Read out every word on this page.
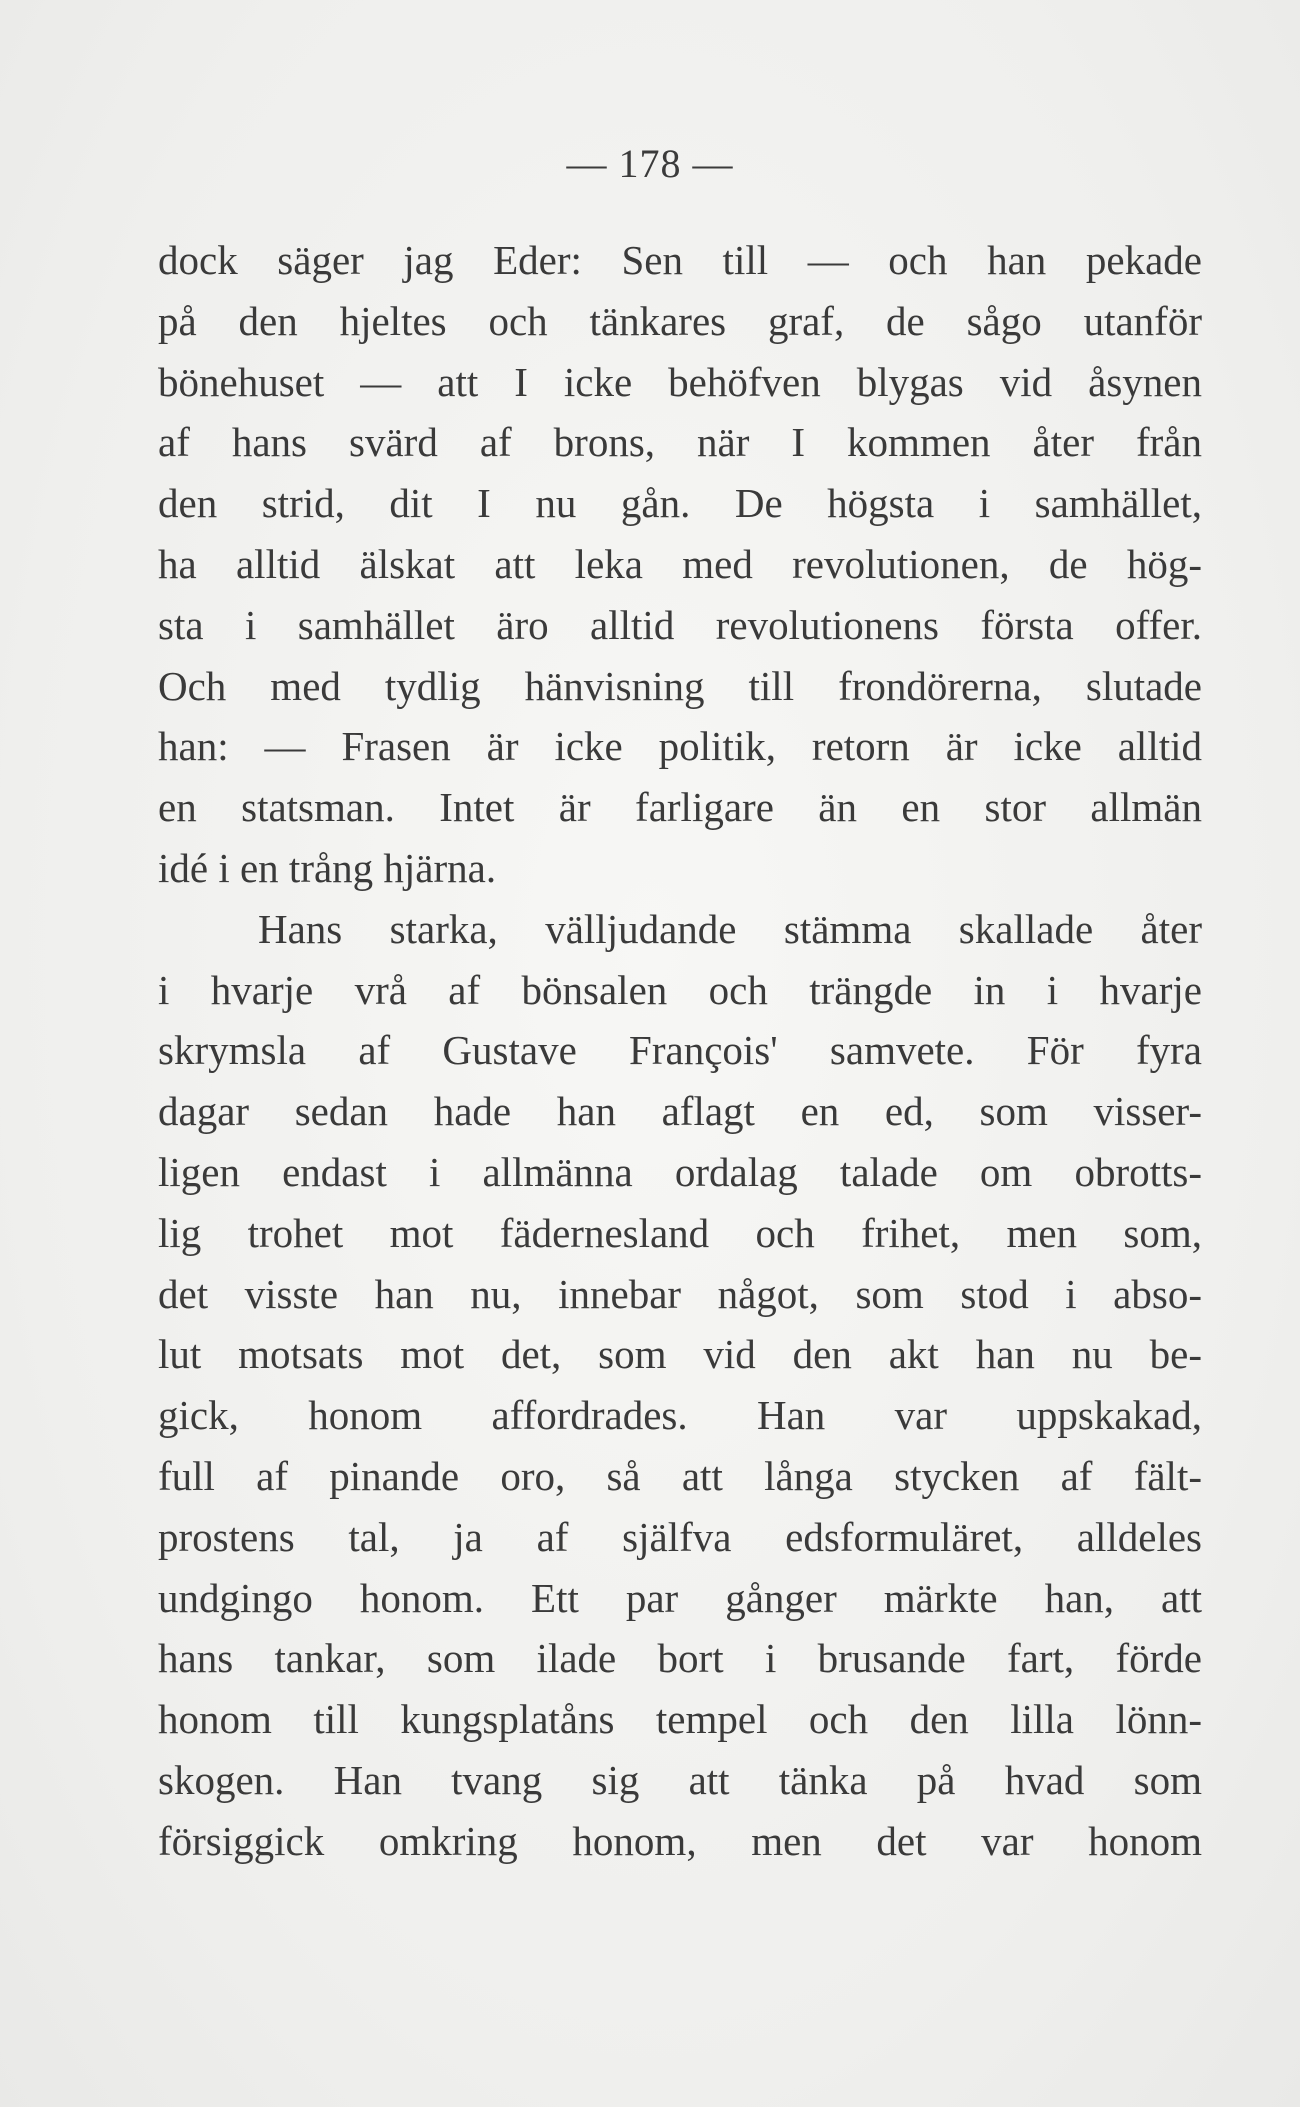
— 178 —
dock säger jag Eder: Sen till — och han pekade
på den hjeltes och tänkares graf, de sågo utanför
bönehuset — att I icke behöfven blygas vid åsynen
af hans svärd af brons, när I kommen åter från
den strid, dit I nu gån. De högsta i samhället,
ha alltid älskat att leka med revolutionen, de hög-
sta i samhället äro alltid revolutionens första offer.
Och med tydlig hänvisning till frondörerna, slutade
han: — Frasen är icke politik, retorn är icke alltid
en statsman. Intet är farligare än en stor allmän
idé i en trång hjärna.
Hans starka, välljudande stämma skallade åter
i hvarje vrå af bönsalen och trängde in i hvarje
skrymsla af Gustave François' samvete. För fyra
dagar sedan hade han aflagt en ed, som visser-
ligen endast i allmänna ordalag talade om obrotts-
lig trohet mot fädernesland och frihet, men som,
det visste han nu, innebar något, som stod i abso-
lut motsats mot det, som vid den akt han nu be-
gick, honom affordrades. Han var uppskakad,
full af pinande oro, så att långa stycken af fält-
prostens tal, ja af själfva edsformuläret, alldeles
undgingo honom. Ett par gånger märkte han, att
hans tankar, som ilade bort i brusande fart, förde
honom till kungsplatåns tempel och den lilla lönn-
skogen. Han tvang sig att tänka på hvad som
försiggick omkring honom, men det var honom
